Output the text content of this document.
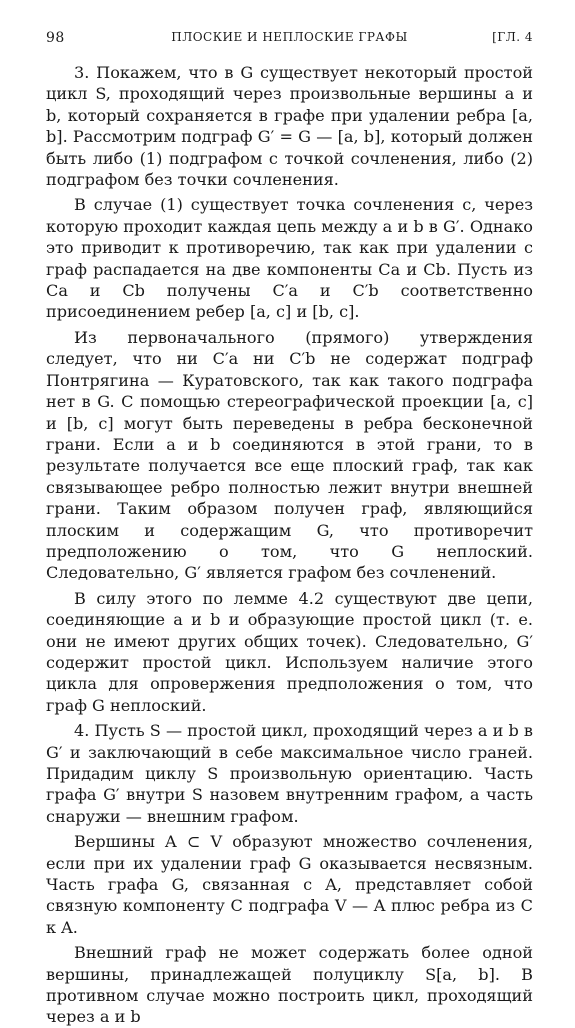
98	ПЛОСКИЕ И НЕПЛОСКИЕ ГРАФЫ	[ГЛ. 4

3. Покажем, что в G существует некоторый простой цикл S, проходящий через произвольные вершины a и b, который сохраняется в графе при удалении ребра [a, b]. Рассмотрим подграф G′ = G — [a, b], который должен быть либо (1) подграфом с точкой сочленения, либо (2) подграфом без точки сочленения.

В случае (1) существует точка сочленения c, через которую проходит каждая цепь между a и b в G′. Однако это приводит к противоречию, так как при удалении c граф распадается на две компоненты Ca и Cb. Пусть из Ca и Cb получены C′a и C′b соответственно присоединением ребер [a, c] и [b, c].

Из первоначального (прямого) утверждения следует, что ни C′a ни C′b не содержат подграф Понтрягина — Куратовского, так как такого подграфа нет в G. С помощью стереографической проекции [a, c] и [b, c] могут быть переведены в ребра бесконечной грани. Если a и b соединяются в этой грани, то в результате получается все еще плоский граф, так как связывающее ребро полностью лежит внутри внешней грани. Таким образом получен граф, являющийся плоским и содержащим G, что противоречит предположению о том, что G неплоский. Следовательно, G′ является графом без сочленений.

В силу этого по лемме 4.2 существуют две цепи, соединяющие a и b и образующие простой цикл (т. е. они не имеют других общих точек). Следовательно, G′ содержит простой цикл. Используем наличие этого цикла для опровержения предположения о том, что граф G неплоский.

4. Пусть S — простой цикл, проходящий через a и b в G′ и заключающий в себе максимальное число граней. Придадим циклу S произвольную ориентацию. Часть графа G′ внутри S назовем внутренним графом, а часть снаружи — внешним графом.

Вершины A ⊂ V образуют множество сочленения, если при их удалении граф G оказывается несвязным. Часть графа G, связанная с A, представляет собой связную компоненту C подграфа V — A плюс ребра из C к A.

Внешний граф не может содержать более одной вершины, принадлежащей полуциклу S[a, b]. В противном случае можно построить цикл, проходящий через a и b
